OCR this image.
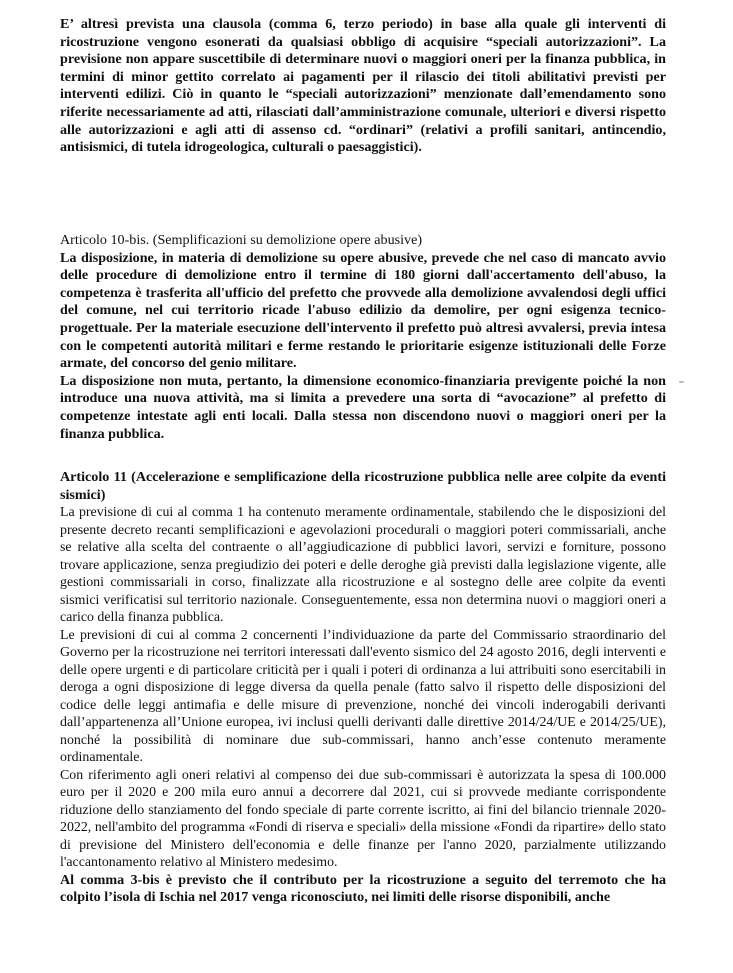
E’ altresì prevista una clausola (comma 6, terzo periodo) in base alla quale gli interventi di ricostruzione vengono esonerati da qualsiasi obbligo di acquisire “speciali autorizzazioni”. La previsione non appare suscettibile di determinare nuovi o maggiori oneri per la finanza pubblica, in termini di minor gettito correlato ai pagamenti per il rilascio dei titoli abilitativi previsti per interventi edilizi. Ciò in quanto le “speciali autorizzazioni” menzionate dall’emendamento sono riferite necessariamente ad atti, rilasciati dall’amministrazione comunale, ulteriori e diversi rispetto alle autorizzazioni e agli atti di assenso cd. “ordinari” (relativi a profili sanitari, antincendio, antisismici, di tutela idrogeologica, culturali o paesaggistici).

Articolo 10-bis. (Semplificazioni su demolizione opere abusive)

La disposizione, in materia di demolizione su opere abusive, prevede che nel caso di mancato avvio delle procedure di demolizione entro il termine di 180 giorni dall'accertamento dell'abuso, la competenza è trasferita all'ufficio del prefetto che provvede alla demolizione avvalendosi degli uffici del comune, nel cui territorio ricade l'abuso edilizio da demolire, per ogni esigenza tecnico-progettuale. Per la materiale esecuzione dell'intervento il prefetto può altresì avvalersi, previa intesa con le competenti autorità militari e ferme restando le prioritarie esigenze istituzionali delle Forze armate, del concorso del genio militare.

La disposizione non muta, pertanto, la dimensione economico-finanziaria previgente poiché la non introduce una nuova attività, ma si limita a prevedere una sorta di “avocazione” al prefetto di competenze intestate agli enti locali. Dalla stessa non discendono nuovi o maggiori oneri per la finanza pubblica.

Articolo 11 (Accelerazione e semplificazione della ricostruzione pubblica nelle aree colpite da eventi sismici)

La previsione di cui al comma 1 ha contenuto meramente ordinamentale, stabilendo che le disposizioni del presente decreto recanti semplificazioni e agevolazioni procedurali o maggiori poteri commissariali, anche se relative alla scelta del contraente o all’aggiudicazione di pubblici lavori, servizi e forniture, possono trovare applicazione, senza pregiudizio dei poteri e delle deroghe già previsti dalla legislazione vigente, alle gestioni commissariali in corso, finalizzate alla ricostruzione e al sostegno delle aree colpite da eventi sismici verificatisi sul territorio nazionale. Conseguentemente, essa non determina nuovi o maggiori oneri a carico della finanza pubblica.

Le previsioni di cui al comma 2 concernenti l’individuazione da parte del Commissario straordinario del Governo per la ricostruzione nei territori interessati dall'evento sismico del 24 agosto 2016, degli interventi e delle opere urgenti e di particolare criticità per i quali i poteri di ordinanza a lui attribuiti sono esercitabili in deroga a ogni disposizione di legge diversa da quella penale (fatto salvo il rispetto delle disposizioni del codice delle leggi antimafia e delle misure di prevenzione, nonché dei vincoli inderogabili derivanti dall’appartenenza all’Unione europea, ivi inclusi quelli derivanti dalle direttive 2014/24/UE e 2014/25/UE), nonché la possibilità di nominare due sub-commissari, hanno anch’esse contenuto meramente ordinamentale.

Con riferimento agli oneri relativi al compenso dei due sub-commissari è autorizzata la spesa di 100.000 euro per il 2020 e 200 mila euro annui a decorrere dal 2021, cui si provvede mediante corrispondente riduzione dello stanziamento del fondo speciale di parte corrente iscritto, ai fini del bilancio triennale 2020-2022, nell'ambito del programma «Fondi di riserva e speciali» della missione «Fondi da ripartire» dello stato di previsione del Ministero dell'economia e delle finanze per l'anno 2020, parzialmente utilizzando l'accantonamento relativo al Ministero medesimo.

Al comma 3-bis è previsto che il contributo per la ricostruzione a seguito del terremoto che ha colpito l’isola di Ischia nel 2017 venga riconosciuto, nei limiti delle risorse disponibili, anche
